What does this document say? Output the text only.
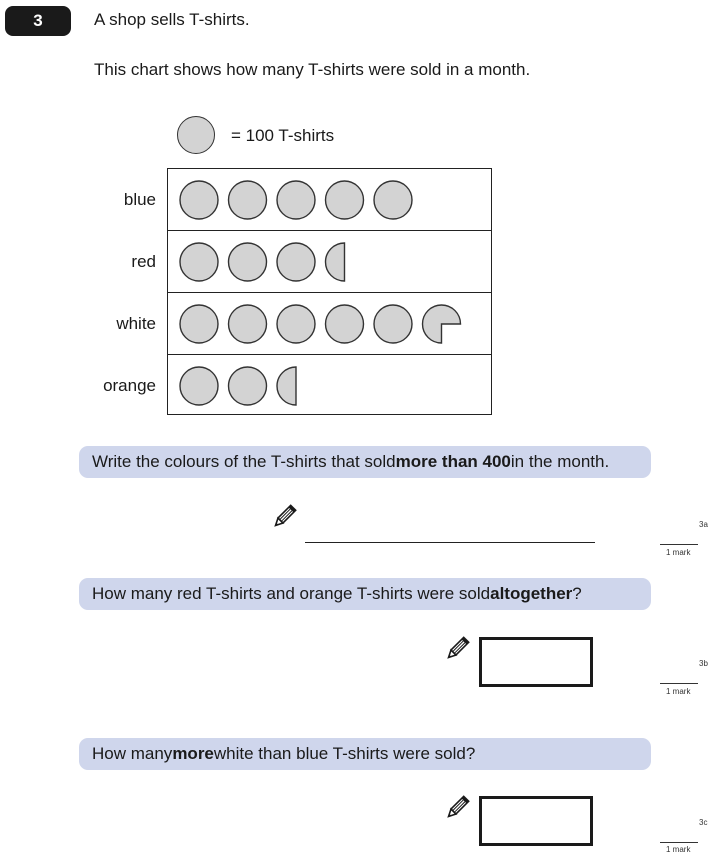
3	A shop sells T-shirts.
This chart shows how many T-shirts were sold in a month.
= 100 T-shirts
blue
red
white
orange
Write the colours of the T-shirts that sold more than 400 in the month.
3a
1 mark
How many red T-shirts and orange T-shirts were sold altogether ?
3b
1 mark
How many more white than blue T-shirts were sold?
3c
1 mark
